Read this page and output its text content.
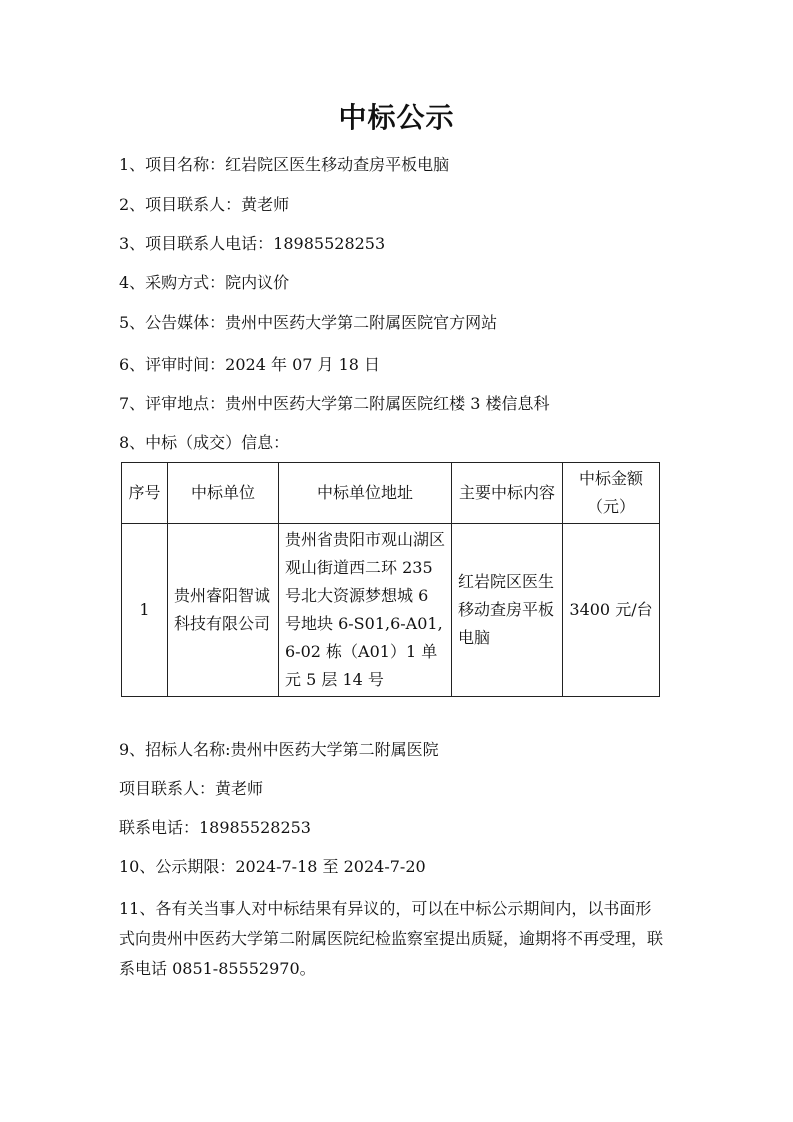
中标公示
1、项目名称：红岩院区医生移动查房平板电脑
2、项目联系人：黄老师
3、项目联系人电话：18985528253
4、采购方式：院内议价
5、公告媒体：贵州中医药大学第二附属医院官方网站
6、评审时间：2024 年 07 月 18 日
7、评审地点：贵州中医药大学第二附属医院红楼 3 楼信息科
8、中标（成交）信息：
序号	中标单位	中标单位地址	主要中标内容	中标金额（元）
1	贵州睿阳智诚科技有限公司	贵州省贵阳市观山湖区观山街道西二环 235 号北大资源梦想城 6 号地块 6-S01,6-A01,6-02 栋（A01）1 单元 5 层 14 号	红岩院区医生移动查房平板电脑	3400 元/台
9、招标人名称:贵州中医药大学第二附属医院
项目联系人：黄老师
联系电话：18985528253
10、公示期限：2024-7-18 至 2024-7-20
11、各有关当事人对中标结果有异议的，可以在中标公示期间内，以书面形式向贵州中医药大学第二附属医院纪检监察室提出质疑，逾期将不再受理，联系电话 0851-85552970。
